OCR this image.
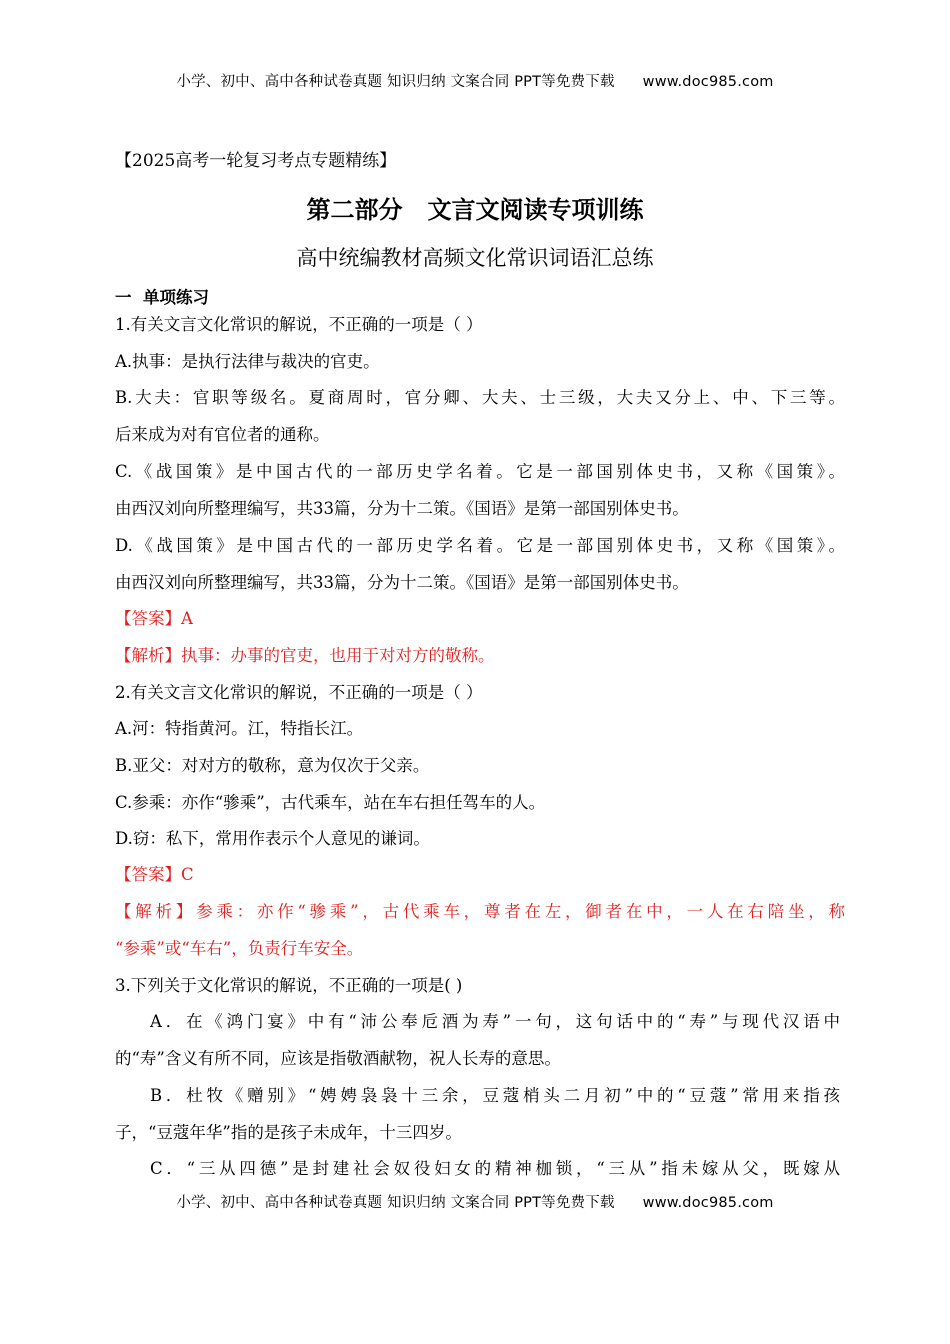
小学、初中、高中各种试卷真题 知识归纳 文案合同 PPT等免费下载 www.doc985.com
【2025高考一轮复习考点专题精练】
第二部分   文言文阅读专项训练
高中统编教材高频文化常识词语汇总练
一  单项练习
1.有关文言文化常识的解说，不正确的一项是（ ）
A.执事：是执行法律与裁决的官吏。
B.大夫：官职等级名。夏商周时，官分卿、大夫、士三级，大夫又分上、中、下三等。
后来成为对有官位者的通称。
C.《战国策》是中国古代的一部历史学名着。它是一部国别体史书，又称《国策》。
由西汉刘向所整理编写，共33篇，分为十二策。《国语》是第一部国别体史书。
D.《战国策》是中国古代的一部历史学名着。它是一部国别体史书，又称《国策》。
由西汉刘向所整理编写，共33篇，分为十二策。《国语》是第一部国别体史书。
【答案】A
【解析】执事：办事的官吏，也用于对对方的敬称。
2.有关文言文化常识的解说，不正确的一项是（ ）
A.河：特指黄河。江，特指长江。
B.亚父：对对方的敬称，意为仅次于父亲。
C.参乘：亦作“骖乘”，古代乘车，站在车右担任驾车的人。
D.窃：私下，常用作表示个人意见的谦词。
【答案】C
【解析】参乘：亦作“骖乘”，古代乘车，尊者在左，御者在中，一人在右陪坐，称
“参乘”或“车右”，负责行车安全。
3.下列关于文化常识的解说，不正确的一项是( )
A．在《鸿门宴》中有“沛公奉卮酒为寿”一句，这句话中的“寿”与现代汉语中
的“寿”含义有所不同，应该是指敬酒献物，祝人长寿的意思。
B．杜牧《赠别》“娉娉袅袅十三余，豆蔻梢头二月初”中的“豆蔻”常用来指孩
子，“豆蔻年华”指的是孩子未成年，十三四岁。
C．“三从四德”是封建社会奴役妇女的精神枷锁，“三从”指未嫁从父，既嫁从
小学、初中、高中各种试卷真题 知识归纳 文案合同 PPT等免费下载 www.doc985.com
